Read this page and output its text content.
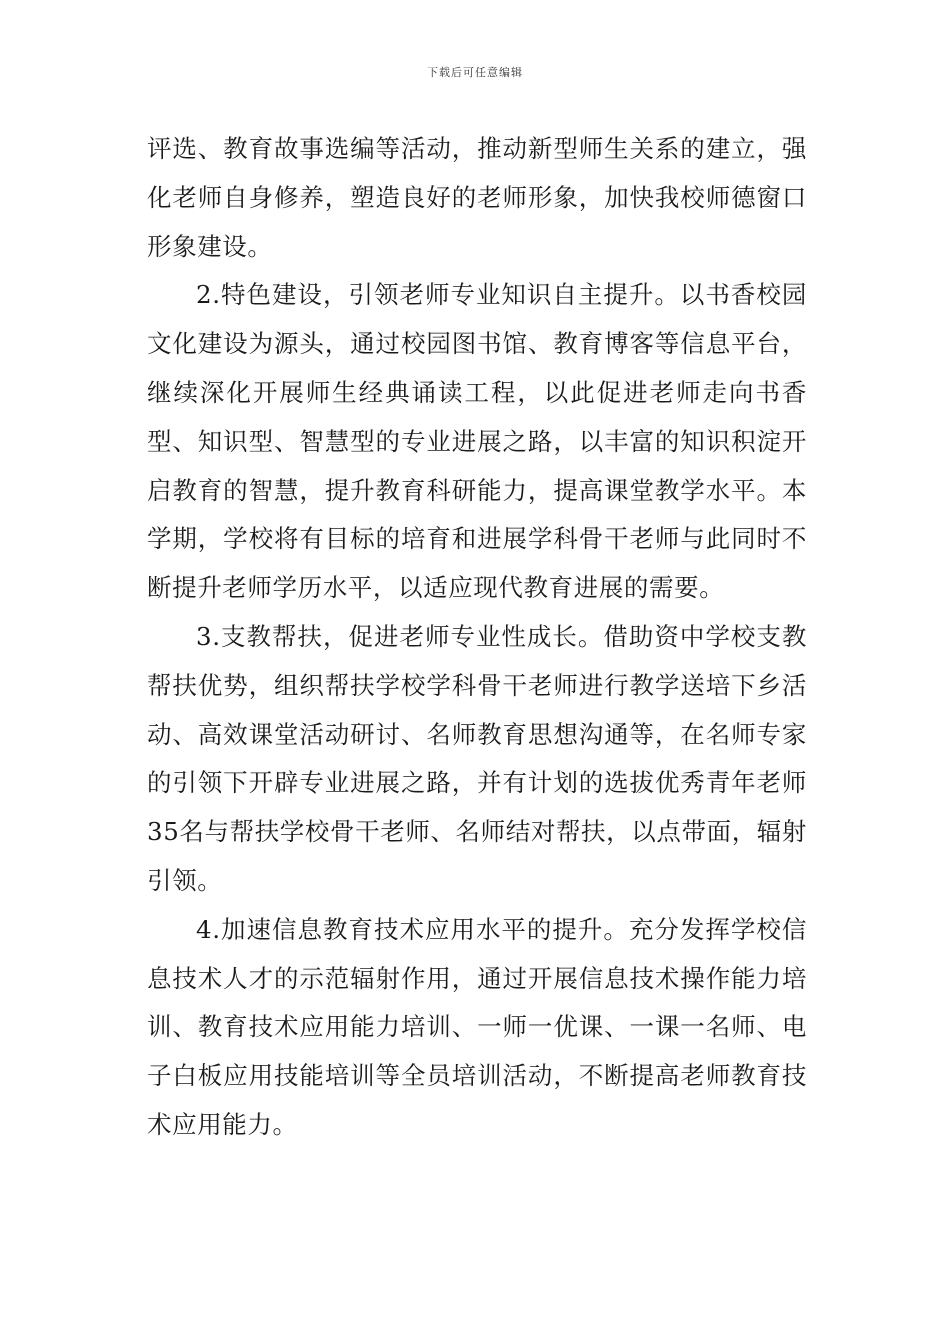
下载后可任意编辑

评选、教育故事选编等活动，推动新型师生关系的建立，强化老师自身修养，塑造良好的老师形象，加快我校师德窗口形象建设。

2.特色建设，引领老师专业知识自主提升。以书香校园文化建设为源头，通过校园图书馆、教育博客等信息平台，继续深化开展师生经典诵读工程，以此促进老师走向书香型、知识型、智慧型的专业进展之路，以丰富的知识积淀开启教育的智慧，提升教育科研能力，提高课堂教学水平。本学期，学校将有目标的培育和进展学科骨干老师与此同时不断提升老师学历水平，以适应现代教育进展的需要。

3.支教帮扶，促进老师专业性成长。借助资中学校支教帮扶优势，组织帮扶学校学科骨干老师进行教学送培下乡活动、高效课堂活动研讨、名师教育思想沟通等，在名师专家的引领下开辟专业进展之路，并有计划的选拔优秀青年老师35名与帮扶学校骨干老师、名师结对帮扶，以点带面，辐射引领。

4.加速信息教育技术应用水平的提升。充分发挥学校信息技术人才的示范辐射作用，通过开展信息技术操作能力培训、教育技术应用能力培训、一师一优课、一课一名师、电子白板应用技能培训等全员培训活动，不断提高老师教育技术应用能力。
